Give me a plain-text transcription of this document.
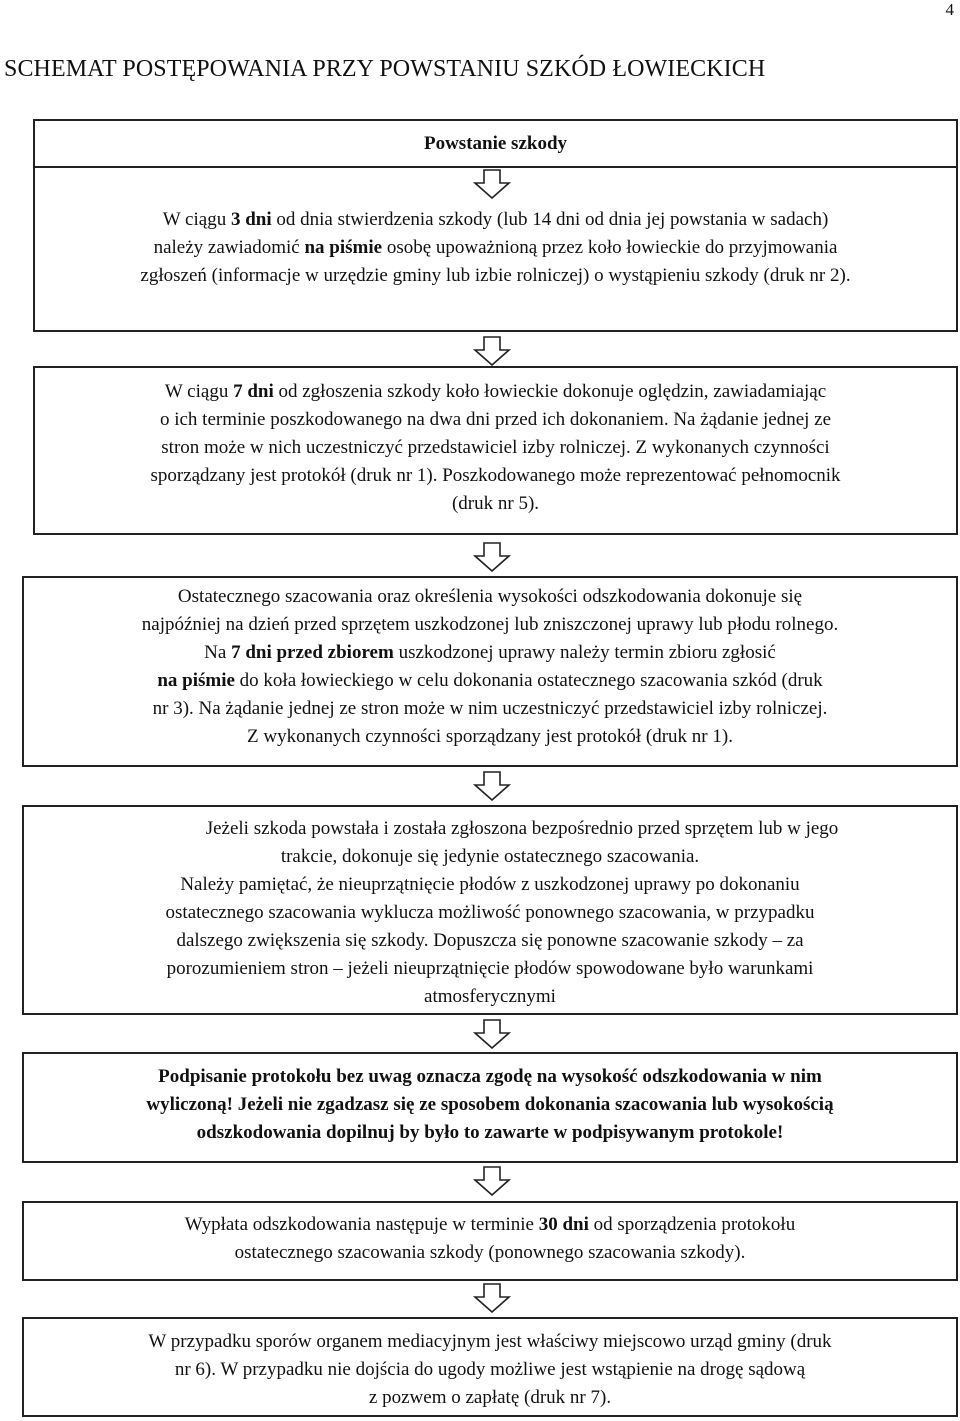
4
SCHEMAT POSTĘPOWANIA PRZY POWSTANIU SZKÓD ŁOWIECKICH

Powstanie szkody

W ciągu 3 dni od dnia stwierdzenia szkody (lub 14 dni od dnia jej powstania w sadach)

należy zawiadomić na piśmie osobę upoważnioną przez koło łowieckie do przyjmowania

zgłoszeń (informacje w urzędzie gminy lub izbie rolniczej) o wystąpieniu szkody (druk nr 2).

W ciągu 7 dni od zgłoszenia szkody koło łowieckie dokonuje oględzin, zawiadamiając

o ich terminie poszkodowanego na dwa dni przed ich dokonaniem. Na żądanie jednej ze

stron może w nich uczestniczyć przedstawiciel izby rolniczej. Z wykonanych czynności

sporządzany jest protokół (druk nr 1). Poszkodowanego może reprezentować pełnomocnik

(druk nr 5).

Ostatecznego szacowania oraz określenia wysokości odszkodowania dokonuje się

najpóźniej na dzień przed sprzętem uszkodzonej lub zniszczonej uprawy lub płodu rolnego.

Na 7 dni przed zbiorem uszkodzonej uprawy należy termin zbioru zgłosić

na piśmie do koła łowieckiego w celu dokonania ostatecznego szacowania szkód (druk

nr 3). Na żądanie jednej ze stron może w nim uczestniczyć przedstawiciel izby rolniczej.

Z wykonanych czynności sporządzany jest protokół (druk nr 1).

Jeżeli szkoda powstała i została zgłoszona bezpośrednio przed sprzętem lub w jego

trakcie, dokonuje się jedynie ostatecznego szacowania.

Należy pamiętać, że nieuprzątnięcie płodów z uszkodzonej uprawy po dokonaniu

ostatecznego szacowania wyklucza możliwość ponownego szacowania, w przypadku

dalszego zwiększenia się szkody. Dopuszcza się ponowne szacowanie szkody – za

porozumieniem stron – jeżeli nieuprzątnięcie płodów spowodowane było warunkami

atmosferycznymi

Podpisanie protokołu bez uwag oznacza zgodę na wysokość odszkodowania w nim

wyliczoną! Jeżeli nie zgadzasz się ze sposobem dokonania szacowania lub wysokością

odszkodowania dopilnuj by było to zawarte w podpisywanym protokole!

Wypłata odszkodowania następuje w terminie 30 dni od sporządzenia protokołu

ostatecznego szacowania szkody (ponownego szacowania szkody).

W przypadku sporów organem mediacyjnym jest właściwy miejscowo urząd gminy (druk

nr 6). W przypadku nie dojścia do ugody możliwe jest wstąpienie na drogę sądową

z pozwem o zapłatę (druk nr 7).
